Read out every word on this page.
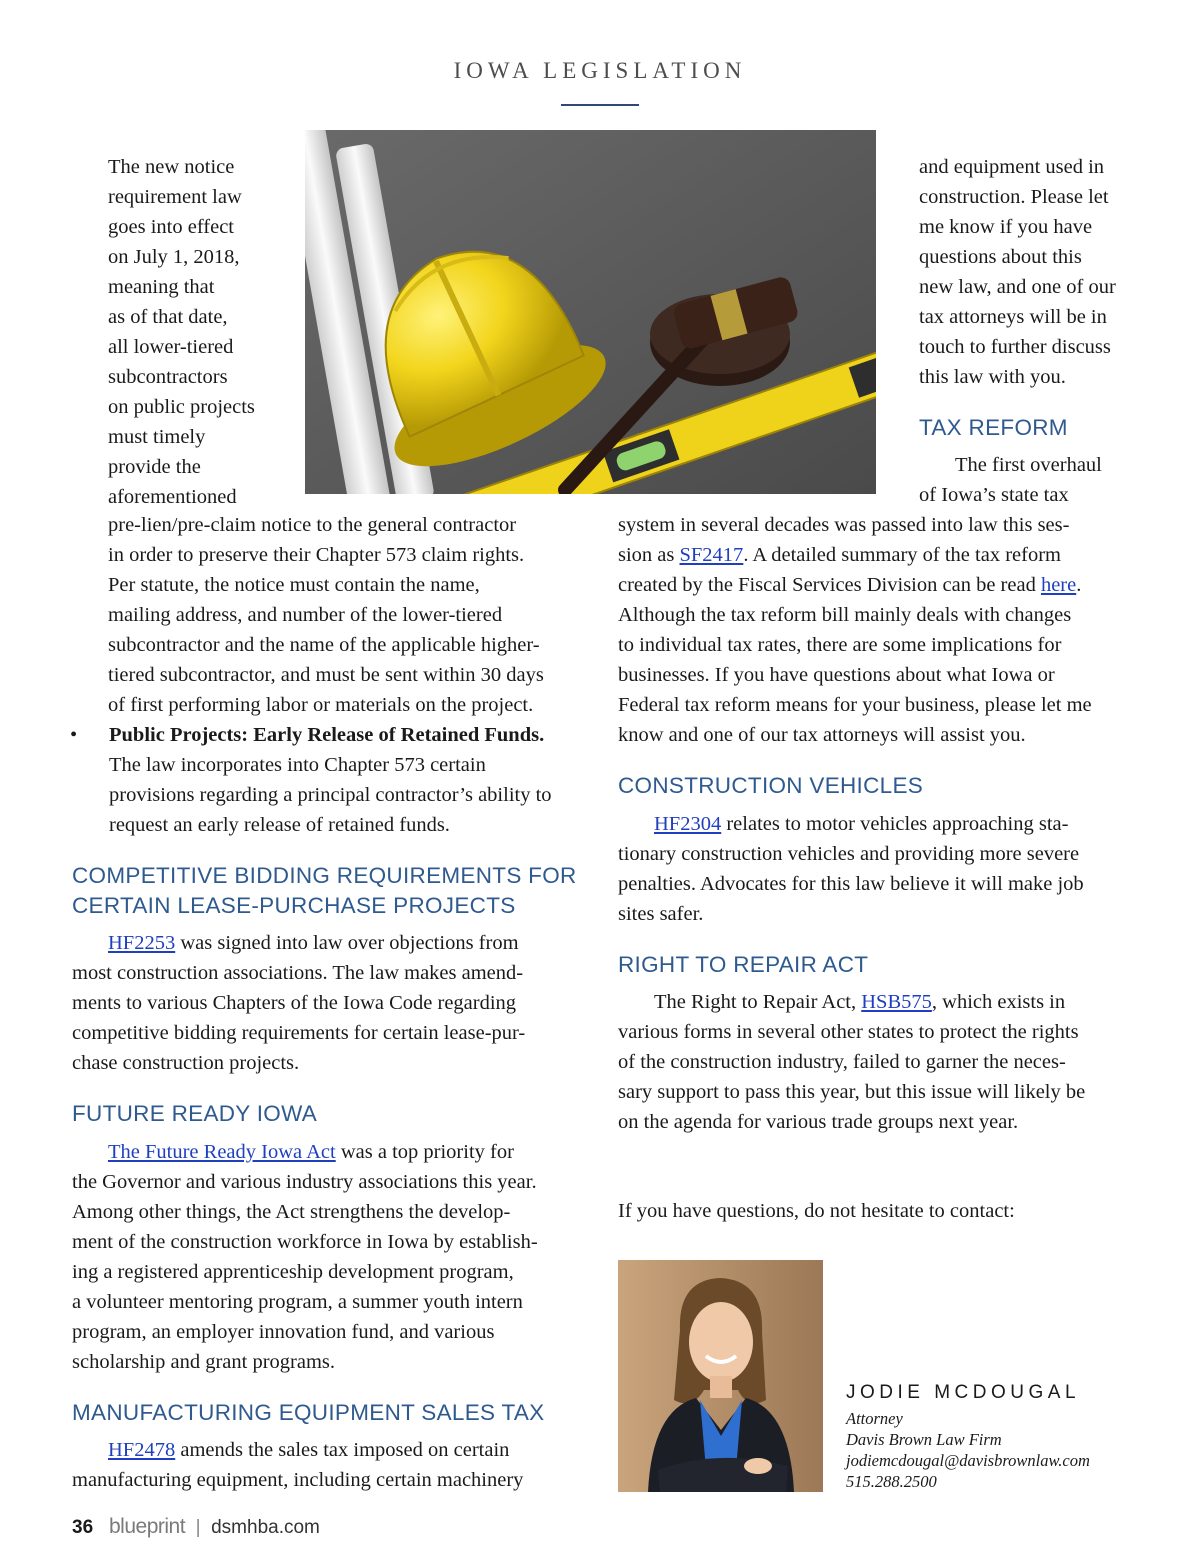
IOWA LEGISLATION
The new notice
requirement law
goes into effect
on July 1, 2018,
meaning that
as of that date,
all lower-tiered
subcontractors
on public projects
must timely
provide the
aforementioned
pre-lien/pre-claim notice to the general contractor
in order to preserve their Chapter 573 claim rights.
Per statute, the notice must contain the name,
mailing address, and number of the lower-tiered
subcontractor and the name of the applicable higher-
tiered subcontractor, and must be sent within 30 days
of first performing labor or materials on the project.
• Public Projects: Early Release of Retained Funds.
The law incorporates into Chapter 573 certain
provisions regarding a principal contractor’s ability to
request an early release of retained funds.
COMPETITIVE BIDDING REQUIREMENTS FOR
CERTAIN LEASE-PURCHASE PROJECTS
HF2253 was signed into law over objections from
most construction associations. The law makes amend-
ments to various Chapters of the Iowa Code regarding
competitive bidding requirements for certain lease-pur-
chase construction projects.
FUTURE READY IOWA
The Future Ready Iowa Act was a top priority for
the Governor and various industry associations this year.
Among other things, the Act strengthens the develop-
ment of the construction workforce in Iowa by establish-
ing a registered apprenticeship development program,
a volunteer mentoring program, a summer youth intern
program, an employer innovation fund, and various
scholarship and grant programs.
MANUFACTURING EQUIPMENT SALES TAX
HF2478 amends the sales tax imposed on certain
manufacturing equipment, including certain machinery
and equipment used in
construction. Please let
me know if you have
questions about this
new law, and one of our
tax attorneys will be in
touch to further discuss
this law with you.
TAX REFORM
The first overhaul
of Iowa’s state tax
system in several decades was passed into law this ses-
sion as SF2417. A detailed summary of the tax reform
created by the Fiscal Services Division can be read here.
Although the tax reform bill mainly deals with changes
to individual tax rates, there are some implications for
businesses. If you have questions about what Iowa or
Federal tax reform means for your business, please let me
know and one of our tax attorneys will assist you.
CONSTRUCTION VEHICLES
HF2304 relates to motor vehicles approaching sta-
tionary construction vehicles and providing more severe
penalties. Advocates for this law believe it will make job
sites safer.
RIGHT TO REPAIR ACT
The Right to Repair Act, HSB575, which exists in
various forms in several other states to protect the rights
of the construction industry, failed to garner the neces-
sary support to pass this year, but this issue will likely be
on the agenda for various trade groups next year.
If you have questions, do not hesitate to contact:
JODIE MCDOUGAL
Attorney
Davis Brown Law Firm
jodiemcdougal@davisbrownlaw.com
515.288.2500
36 blueprint | dsmhba.com
